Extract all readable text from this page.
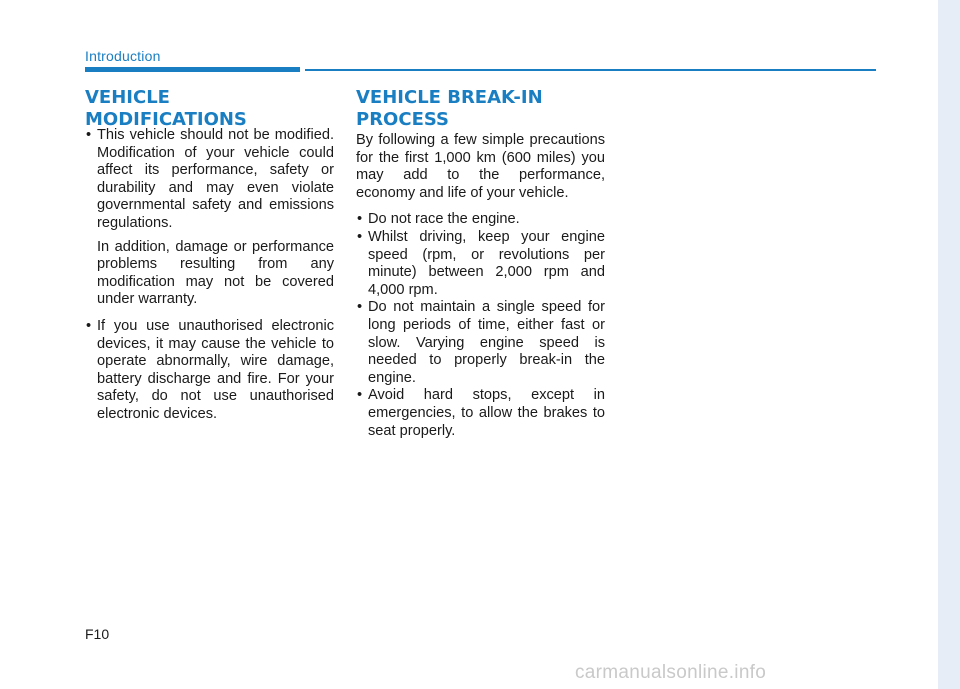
Introduction
VEHICLE MODIFICATIONS

• This vehicle should not be modified. Modification of your vehicle could affect its performance, safety or durability and may even violate governmental safety and emissions regulations.

In addition, damage or performance problems resulting from any modification may not be covered under warranty.

• If you use unauthorised electronic devices, it may cause the vehicle to operate abnormally, wire damage, battery discharge and fire. For your safety, do not use unauthorised electronic devices.

VEHICLE BREAK-IN PROCESS

By following a few simple precautions for the first 1,000 km (600 miles) you may add to the performance, economy and life of your vehicle.

• Do not race the engine.

• Whilst driving, keep your engine speed (rpm, or revolutions per minute) between 2,000 rpm and 4,000 rpm.

• Do not maintain a single speed for long periods of time, either fast or slow. Varying engine speed is needed to properly break-in the engine.

• Avoid hard stops, except in emergencies, to allow the brakes to seat properly.

F10
carmanualsonline.info
